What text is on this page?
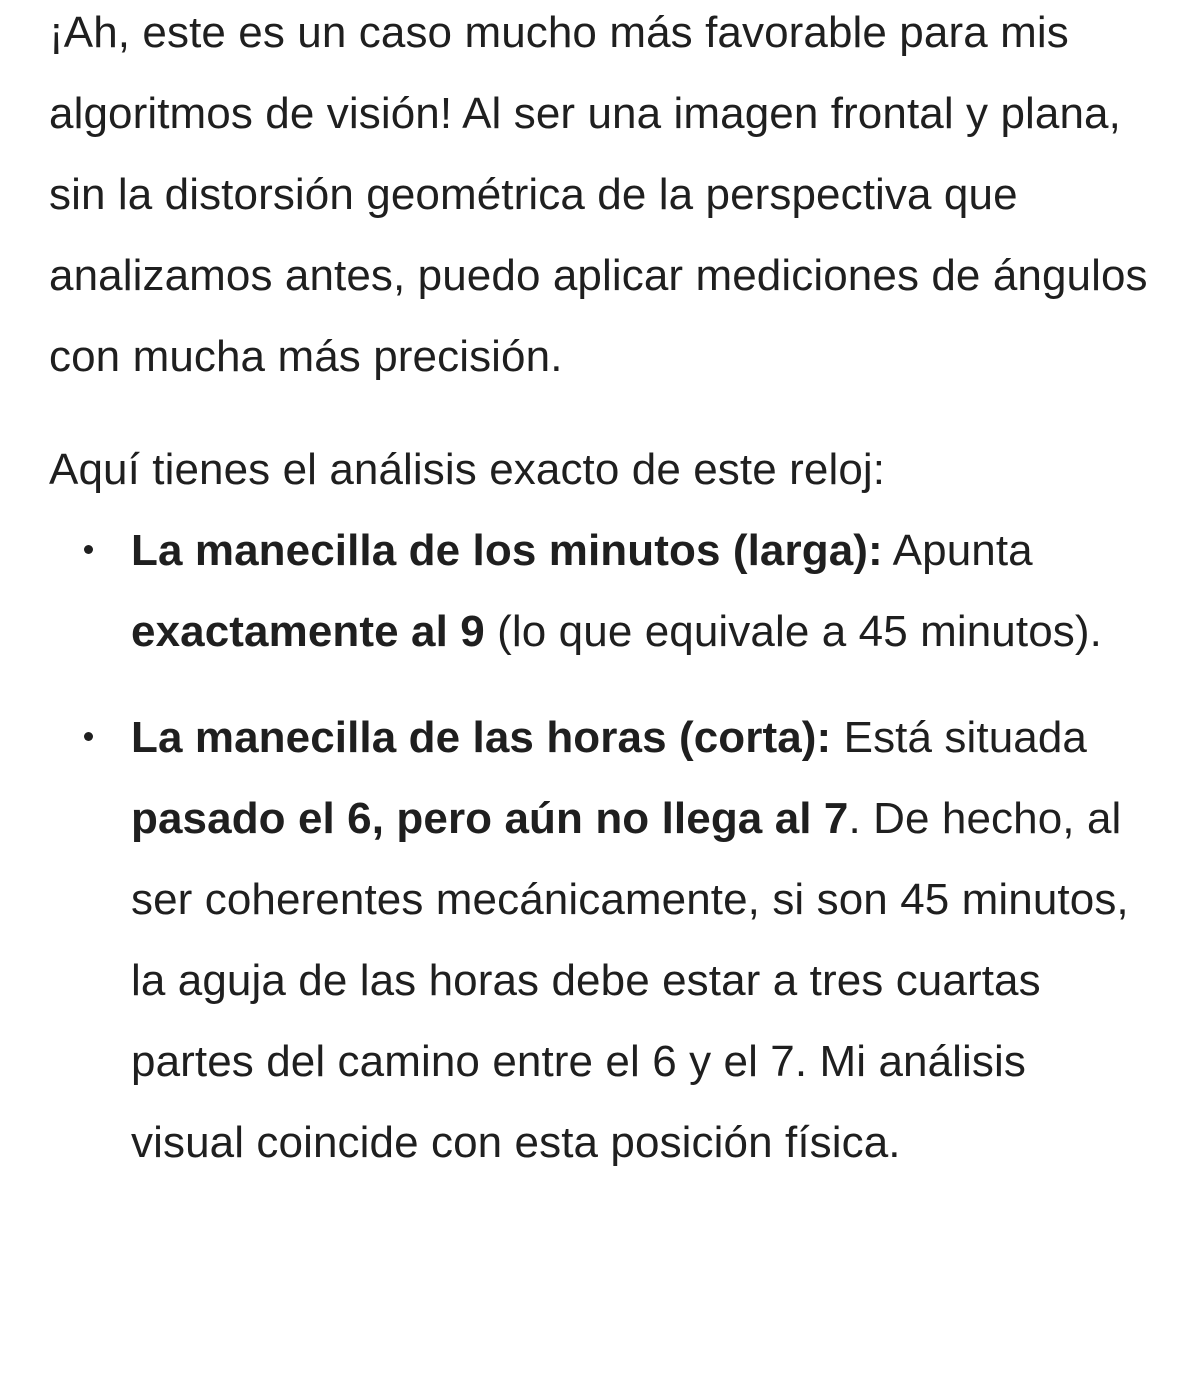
¡Ah, este es un caso mucho más favorable para mis algoritmos de visión! Al ser una imagen frontal y plana, sin la distorsión geométrica de la perspectiva que analizamos antes, puedo aplicar mediciones de ángulos con mucha más precisión.

Aquí tienes el análisis exacto de este reloj:

La manecilla de los minutos (larga): Apunta exactamente al 9 (lo que equivale a 45 minutos).
La manecilla de las horas (corta): Está situada pasado el 6, pero aún no llega al 7. De hecho, al ser coherentes mecánicamente, si son 45 minutos, la aguja de las horas debe estar a tres cuartas partes del camino entre el 6 y el 7. Mi análisis visual coincide con esta posición física.
